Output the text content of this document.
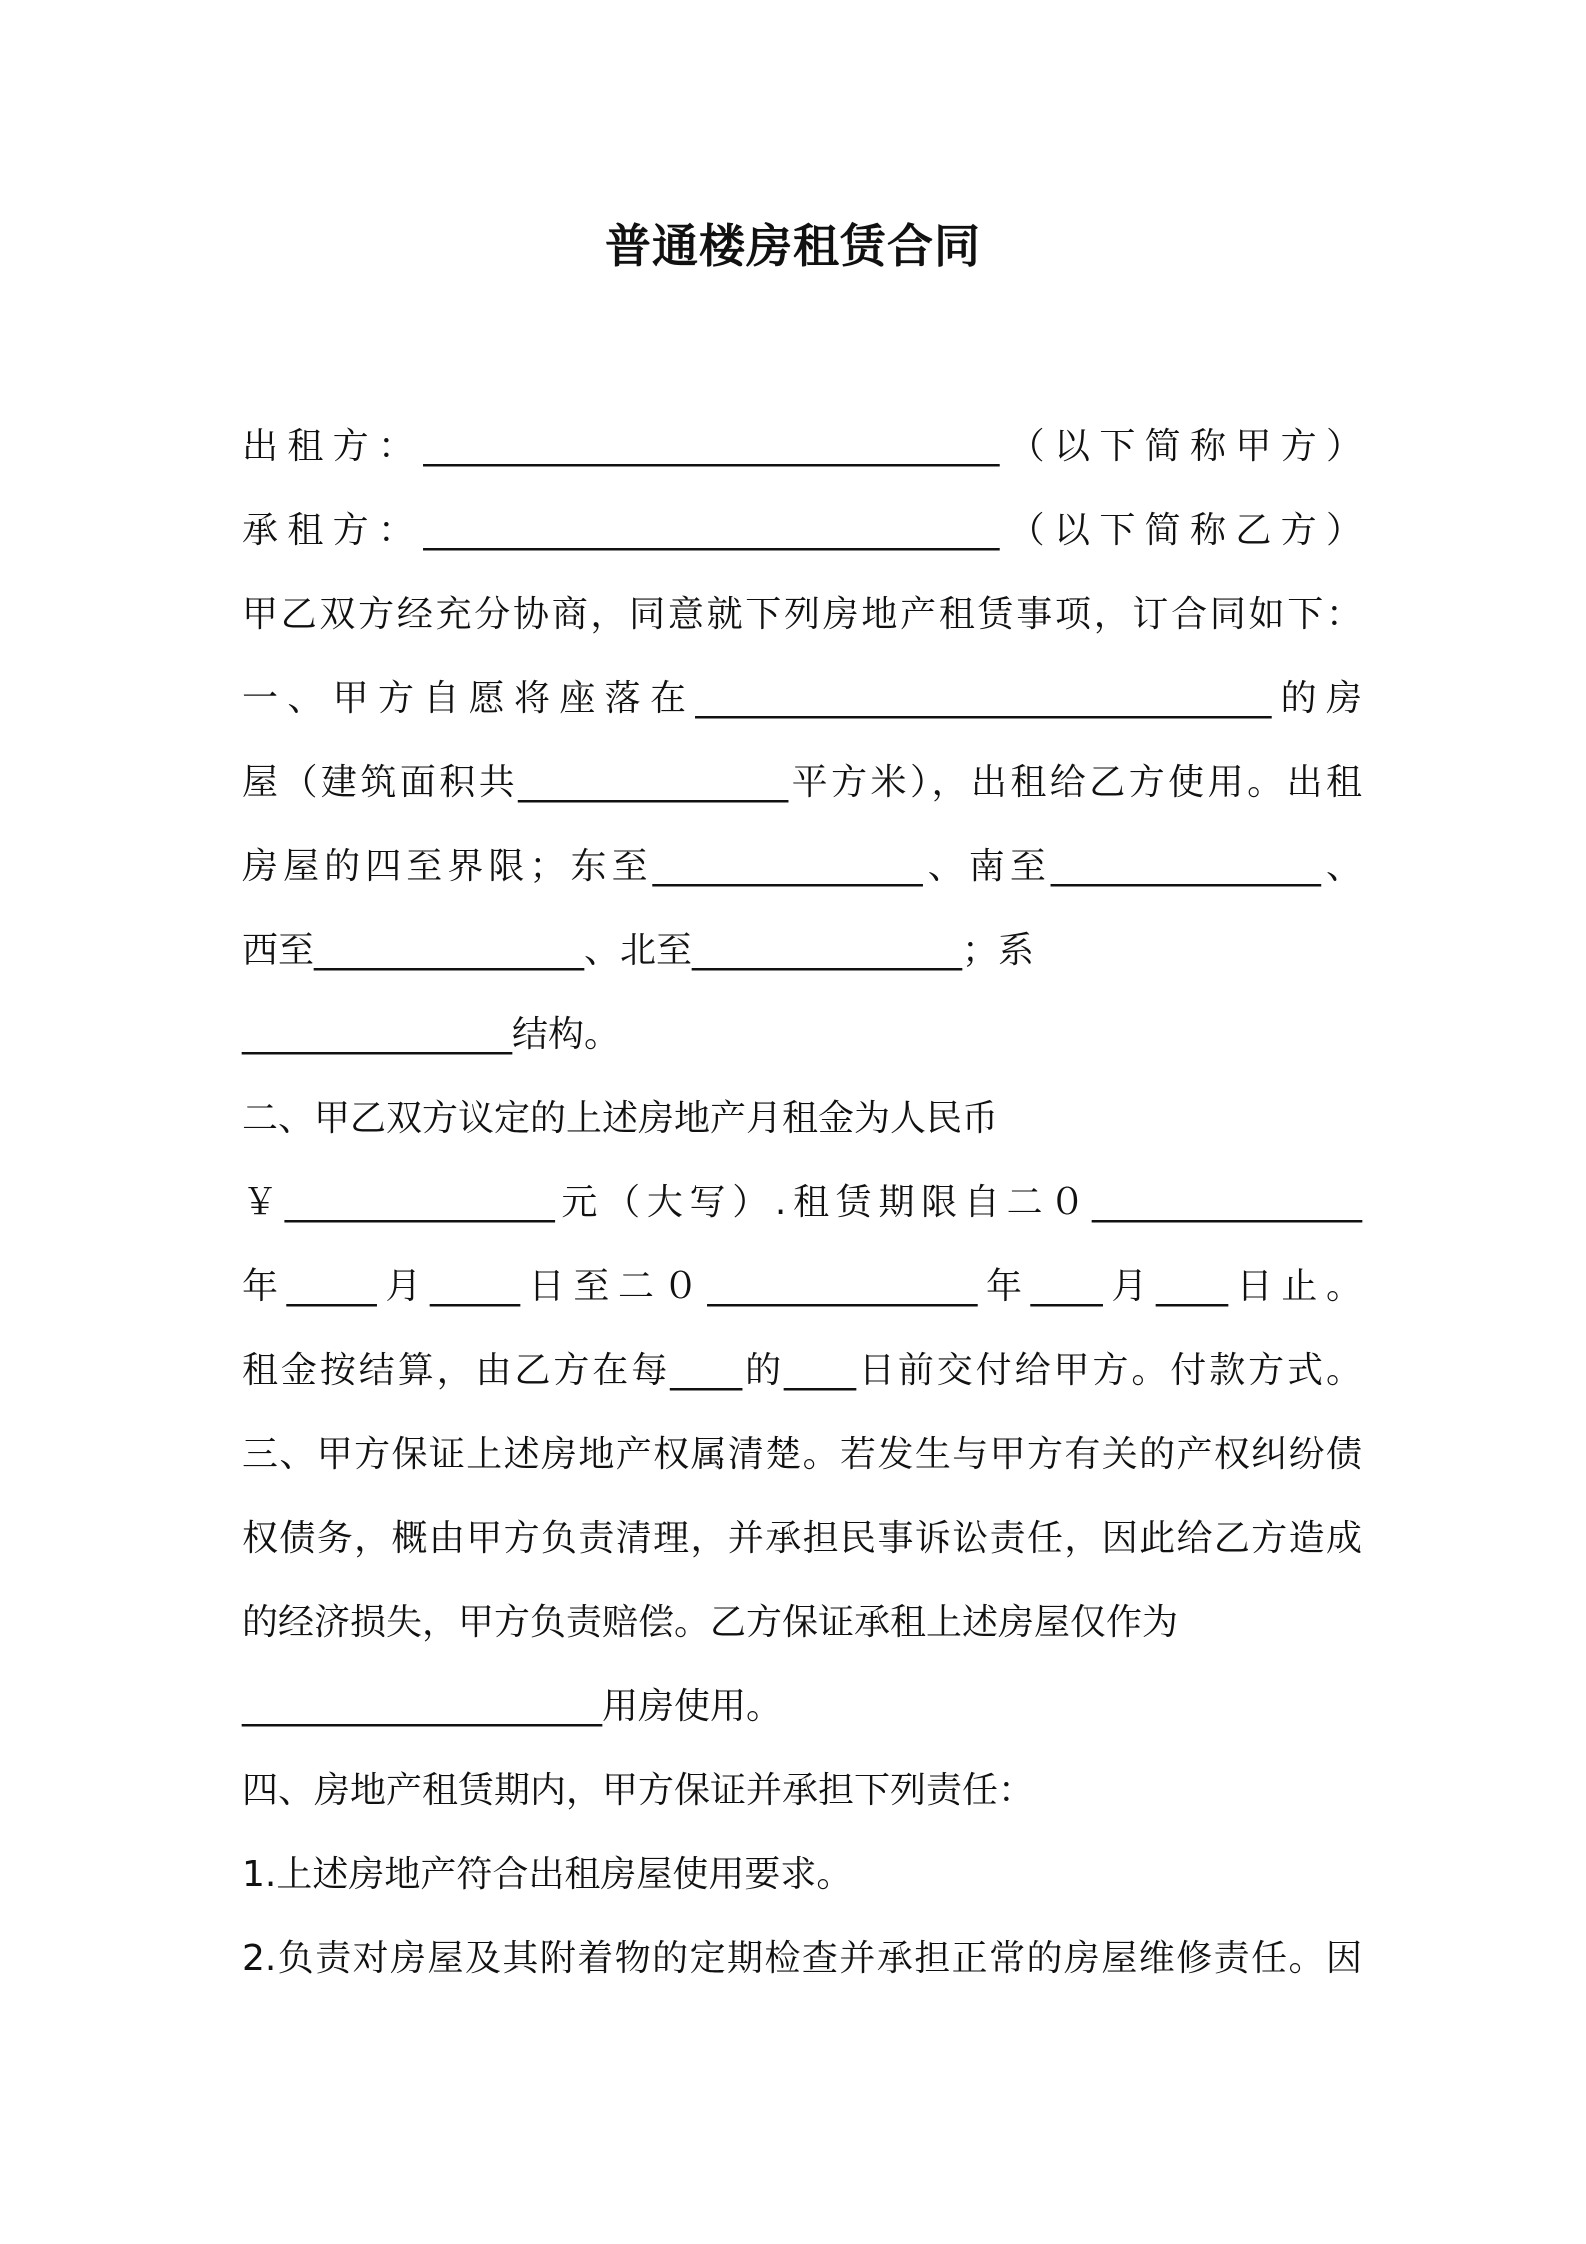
普通楼房租赁合同
出租方：________________________________（以下简称甲方）
承租方：________________________________（以下简称乙方）
甲乙双方经充分协商，同意就下列房地产租赁事项，订合同如下：
一、甲方自愿将座落在________________________________的房
屋（建筑面积共_______________平方米），出租给乙方使用。出租
房屋的四至界限；东至_______________、南至_______________、
西至_______________、北至_______________；系
_______________结构。
二、甲乙双方议定的上述房地产月租金为人民币
￥_______________元（大写）.租赁期限自二０_______________
年_____月_____日至二０_______________年____月____日止。
租金按结算，由乙方在每____的____日前交付给甲方。付款方式。
三、甲方保证上述房地产权属清楚。若发生与甲方有关的产权纠纷债
权债务，概由甲方负责清理，并承担民事诉讼责任，因此给乙方造成
的经济损失，甲方负责赔偿。乙方保证承租上述房屋仅作为
____________________用房使用。
四、房地产租赁期内，甲方保证并承担下列责任：
1.上述房地产符合出租房屋使用要求。
2.负责对房屋及其附着物的定期检查并承担正常的房屋维修责任。因
